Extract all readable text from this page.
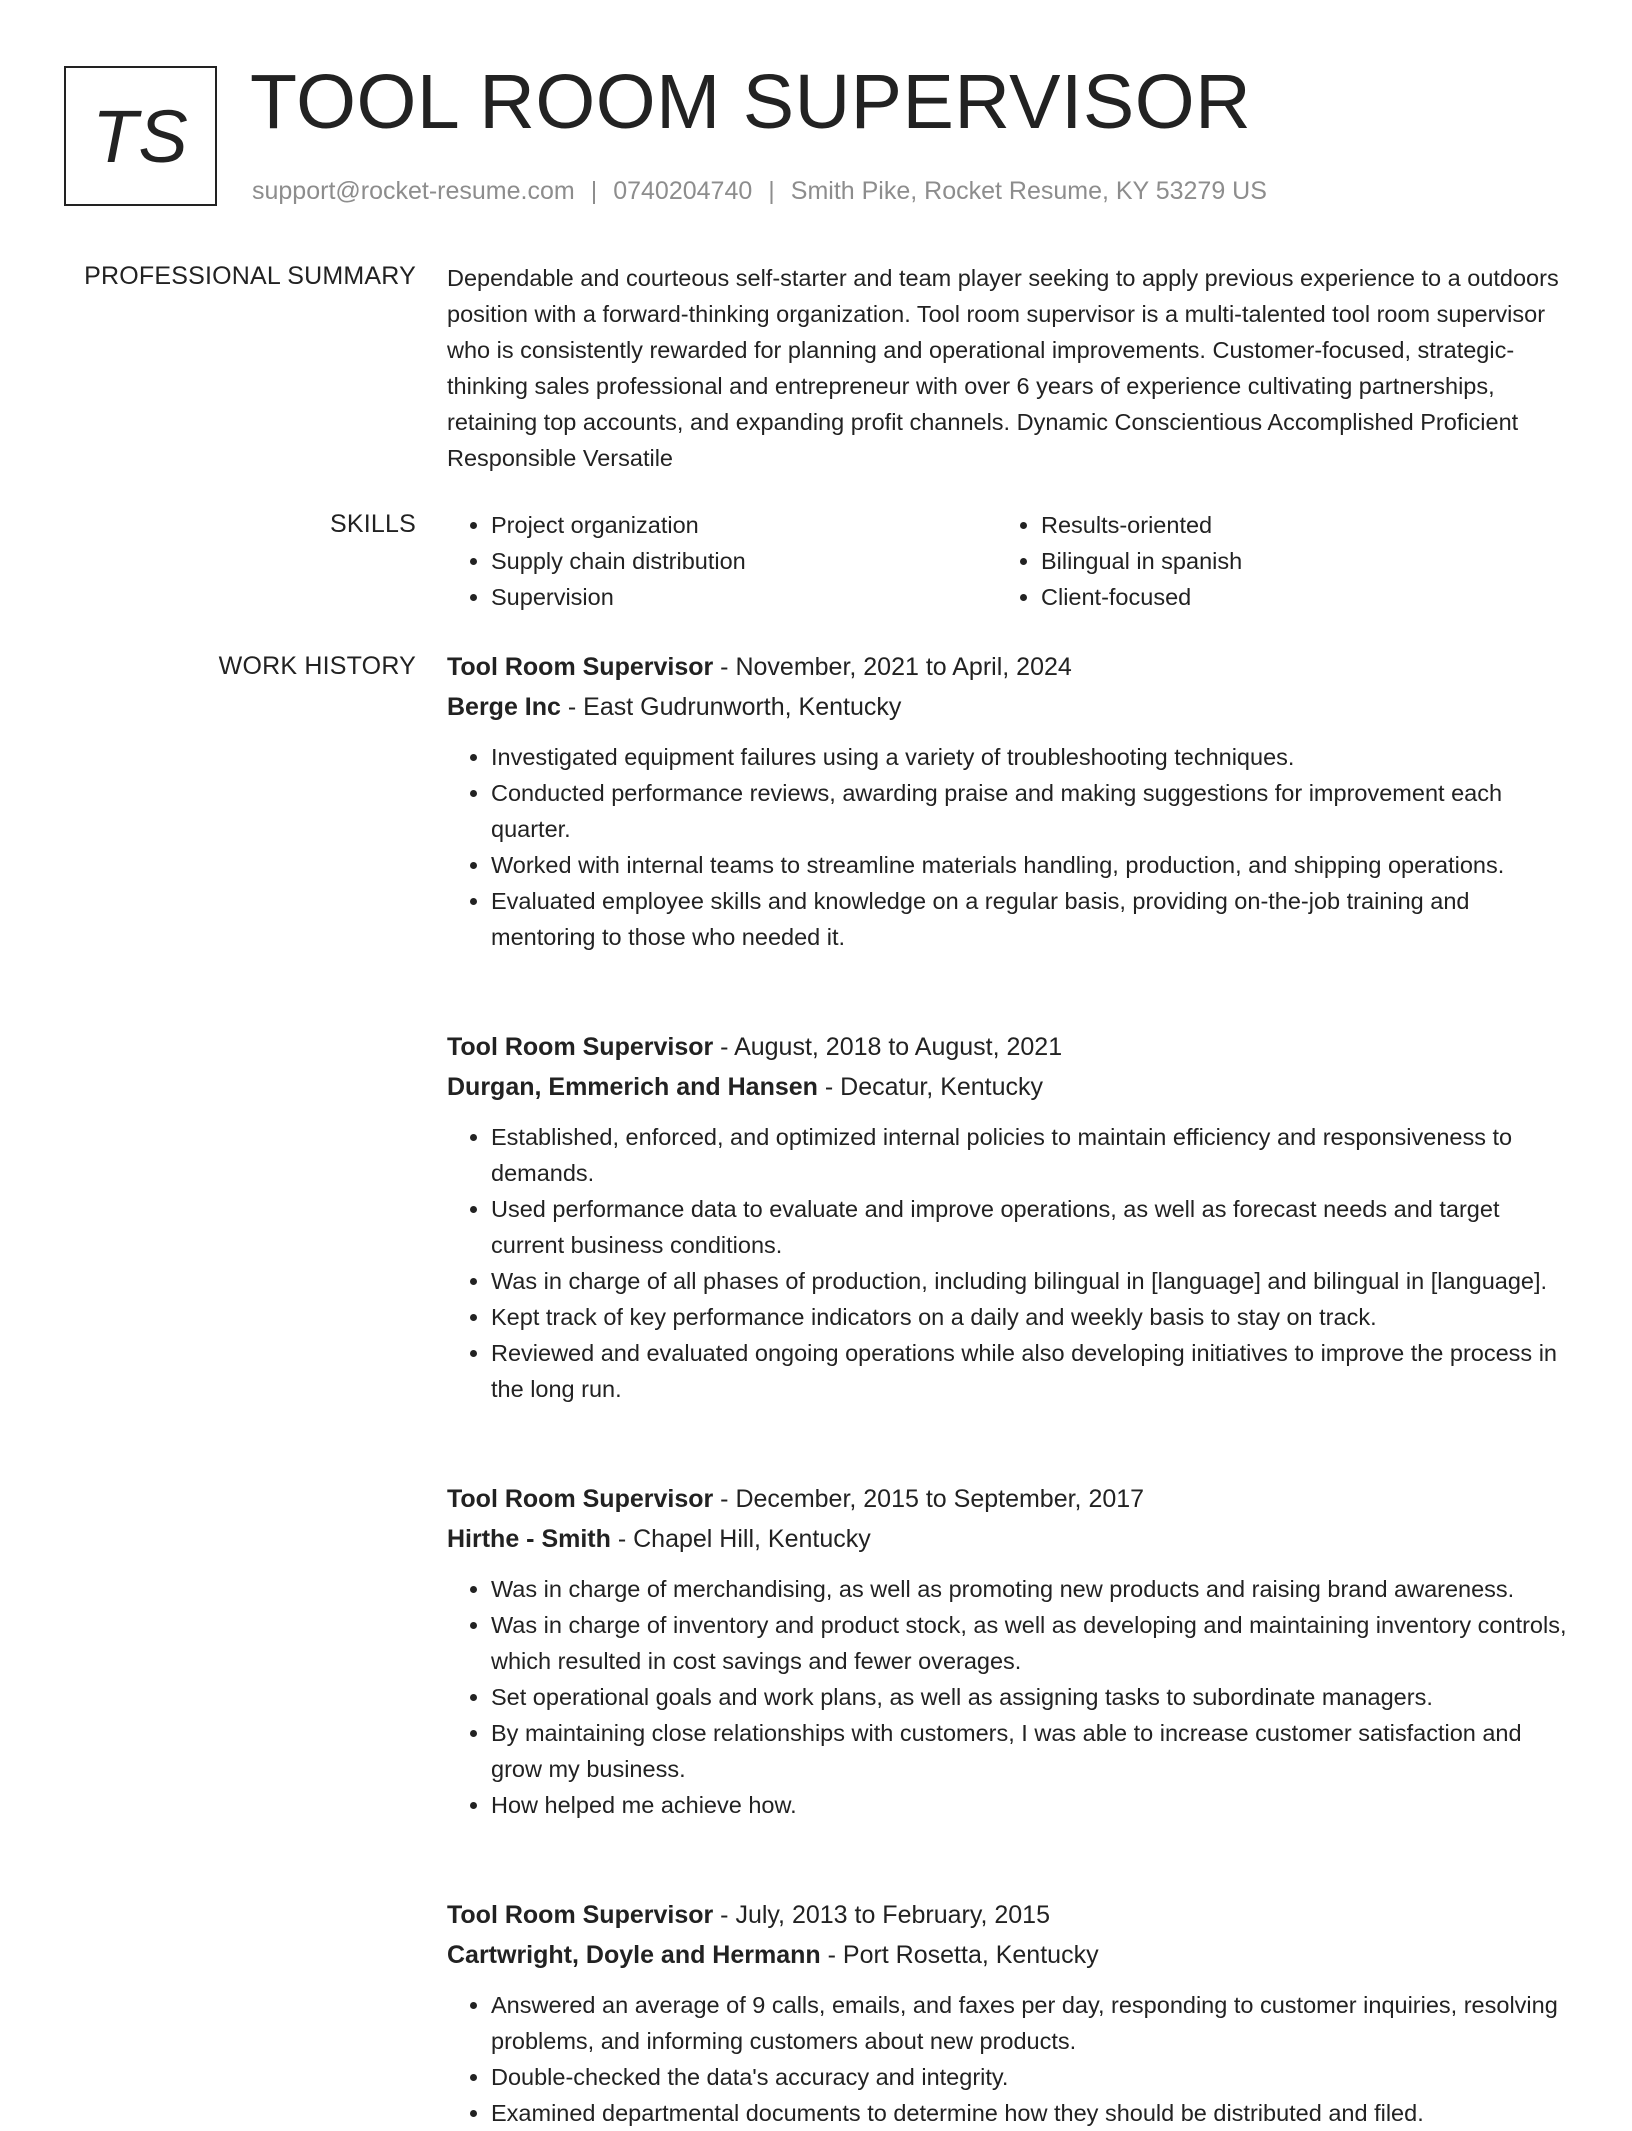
TS TOOL ROOM SUPERVISOR
support@rocket-resume.com | 0740204740 | Smith Pike, Rocket Resume, KY 53279 US
PROFESSIONAL SUMMARY Dependable and courteous self-starter and team player seeking to apply previous experience to a outdoors position with a forward-thinking organization. Tool room supervisor is a multi-talented tool room supervisor who is consistently rewarded for planning and operational improvements. Customer-focused, strategic-thinking sales professional and entrepreneur with over 6 years of experience cultivating partnerships, retaining top accounts, and expanding profit channels. Dynamic Conscientious Accomplished Proficient Responsible Versatile

SKILLS
•	Project organization
• Supply chain distribution
• Supervision
• Results-oriented
• Bilingual in spanish
• Client-focused
WORK HISTORY Tool Room Supervisor - November, 2021 to April, 2024
Berge Inc - East Gudrunworth, Kentucky
• Investigated equipment failures using a variety of troubleshooting techniques.
• Conducted performance reviews, awarding praise and making suggestions for improvement each quarter.
• Worked with internal teams to streamline materials handling, production, and shipping operations.
• Evaluated employee skills and knowledge on a regular basis, providing on-the-job training and mentoring to those who needed it.
Tool Room Supervisor - August, 2018 to August, 2021
Durgan, Emmerich and Hansen - Decatur, Kentucky
• Established, enforced, and optimized internal policies to maintain efficiency and responsiveness to demands.
• Used performance data to evaluate and improve operations, as well as forecast needs and target current business conditions.
• Was in charge of all phases of production, including bilingual in [language] and bilingual in [language].
• Kept track of key performance indicators on a daily and weekly basis to stay on track.
• Reviewed and evaluated ongoing operations while also developing initiatives to improve the process in the long run.
Tool Room Supervisor - December, 2015 to September, 2017
Hirthe - Smith - Chapel Hill, Kentucky
• Was in charge of merchandising, as well as promoting new products and raising brand awareness.
• Was in charge of inventory and product stock, as well as developing and maintaining inventory controls, which resulted in cost savings and fewer overages.
• Set operational goals and work plans, as well as assigning tasks to subordinate managers.
• By maintaining close relationships with customers, I was able to increase customer satisfaction and grow my business.
• How helped me achieve how.
Tool Room Supervisor - July, 2013 to February, 2015
Cartwright, Doyle and Hermann - Port Rosetta, Kentucky
• Answered an average of 9 calls, emails, and faxes per day, responding to customer inquiries, resolving problems, and informing customers about new products.
• Double-checked the data's accuracy and integrity.
• Examined departmental documents to determine how they should be distributed and filed.
